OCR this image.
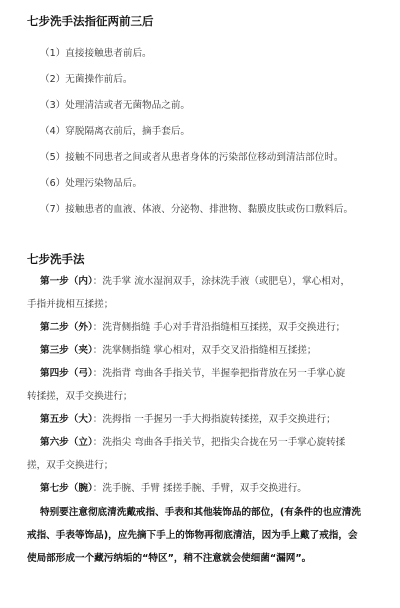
七步洗手法指征两前三后
（1）直接接触患者前后。
（2）无菌操作前后。
（3）处理清洁或者无菌物品之前。
（4）穿脱隔离衣前后，摘手套后。
（5）接触不同患者之间或者从患者身体的污染部位移动到清洁部位时。
（6）处理污染物品后。
（7）接触患者的血液、体液、分泌物、排泄物、黏膜皮肤或伤口敷料后。
七步洗手法
第一步（内）：洗手掌 流水湿润双手，涂抹洗手液（或肥皂），掌心相对，
手指并拢相互揉搓；
第二步（外）：洗背侧指缝 手心对手背沿指缝相互揉搓，双手交换进行；
第三步（夹）：洗掌侧指缝 掌心相对，双手交叉沿指缝相互揉搓；
第四步（弓）：洗指背 弯曲各手指关节，半握拳把指背放在另一手掌心旋
转揉搓，双手交换进行；
第五步（大）：洗拇指 一手握另一手大拇指旋转揉搓，双手交换进行；
第六步（立）：洗指尖 弯曲各手指关节，把指尖合拢在另一手掌心旋转揉
搓，双手交换进行；
第七步（腕）：洗手腕、手臂 揉搓手腕、手臂，双手交换进行。
特别要注意彻底清洗戴戒指、手表和其他装饰品的部位，(有条件的也应清洗
戒指、手表等饰品)，应先摘下手上的饰物再彻底清洁，因为手上戴了戒指，会
使局部形成一个藏污纳垢的“特区”，稍不注意就会使细菌“漏网”。
